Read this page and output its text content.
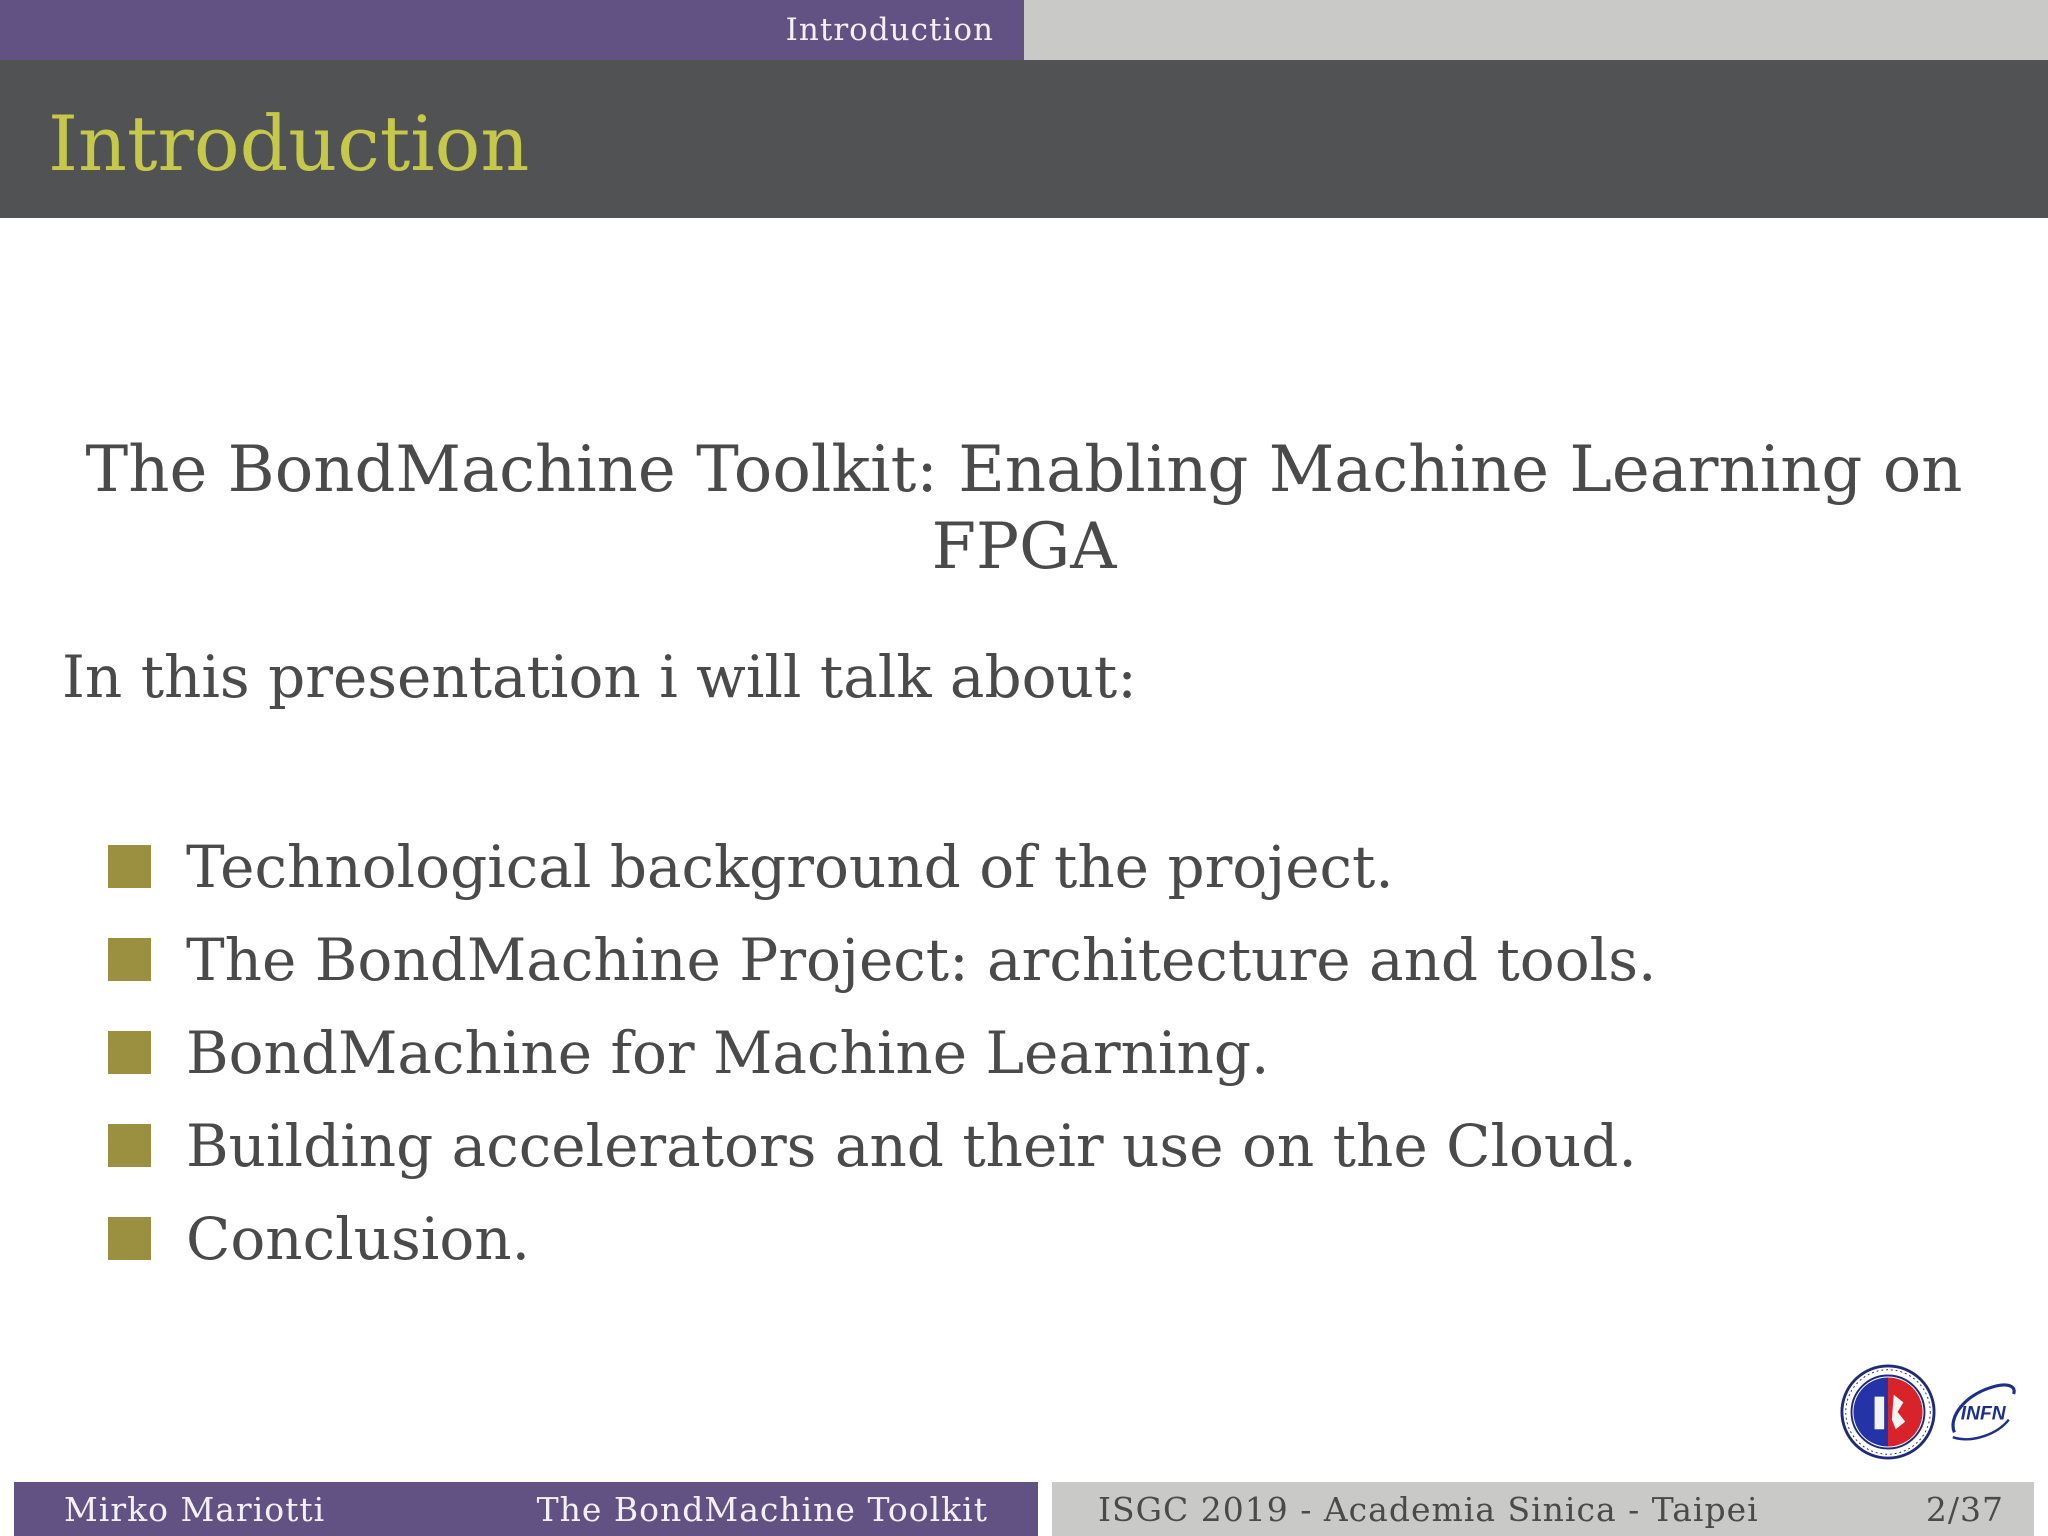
Introduction
Introduction
The BondMachine Toolkit: Enabling Machine Learning on FPGA
In this presentation i will talk about:
Technological background of the project.
The BondMachine Project: architecture and tools.
BondMachine for Machine Learning.
Building accelerators and their use on the Cloud.
Conclusion.
INFN
Mirko Mariotti	The BondMachine Toolkit	ISGC 2019 - Academia Sinica - Taipei	2/37
